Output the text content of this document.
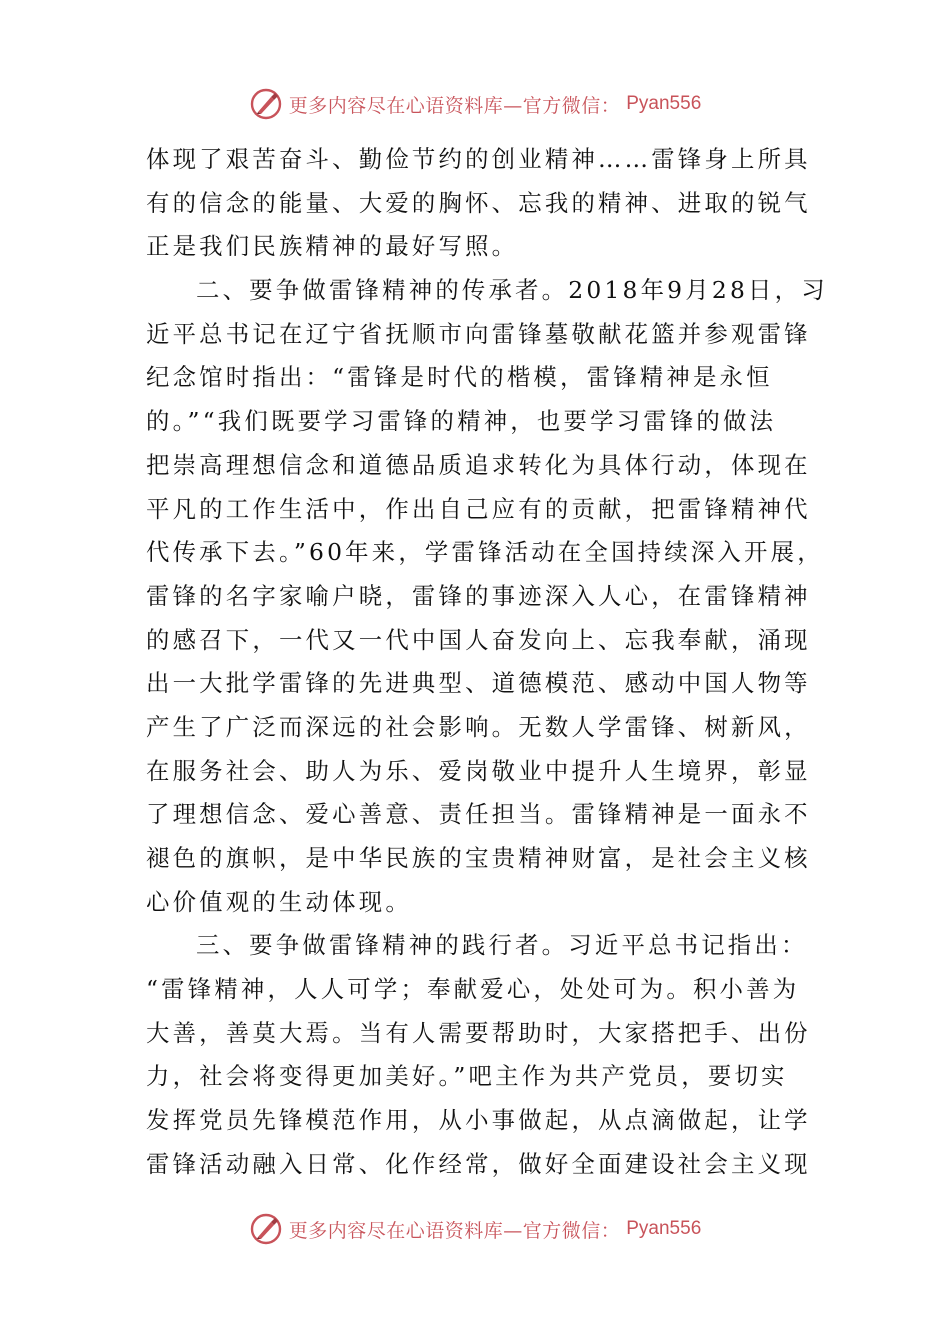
更多内容尽在心语资料库—官方微信： Pyan556
体现了艰苦奋斗、勤俭节约的创业精神……雷锋身上所具
有的信念的能量、大爱的胸怀、忘我的精神、进取的锐气
正是我们民族精神的最好写照。
二、要争做雷锋精神的传承者。2018年9月28日，习
近平总书记在辽宁省抚顺市向雷锋墓敬献花篮并参观雷锋
纪念馆时指出：“雷锋是时代的楷模，雷锋精神是永恒
的。”“我们既要学习雷锋的精神，也要学习雷锋的做法
把崇高理想信念和道德品质追求转化为具体行动，体现在
平凡的工作生活中，作出自己应有的贡献，把雷锋精神代
代传承下去。”60年来，学雷锋活动在全国持续深入开展，
雷锋的名字家喻户晓，雷锋的事迹深入人心，在雷锋精神
的感召下，一代又一代中国人奋发向上、忘我奉献，涌现
出一大批学雷锋的先进典型、道德模范、感动中国人物等
产生了广泛而深远的社会影响。无数人学雷锋、树新风，
在服务社会、助人为乐、爱岗敬业中提升人生境界，彰显
了理想信念、爱心善意、责任担当。雷锋精神是一面永不
褪色的旗帜，是中华民族的宝贵精神财富，是社会主义核
心价值观的生动体现。
三、要争做雷锋精神的践行者。习近平总书记指出：
“雷锋精神，人人可学；奉献爱心，处处可为。积小善为
大善，善莫大焉。当有人需要帮助时，大家搭把手、出份
力，社会将变得更加美好。”吧主作为共产党员，要切实
发挥党员先锋模范作用，从小事做起，从点滴做起，让学
雷锋活动融入日常、化作经常，做好全面建设社会主义现
更多内容尽在心语资料库—官方微信： Pyan556
